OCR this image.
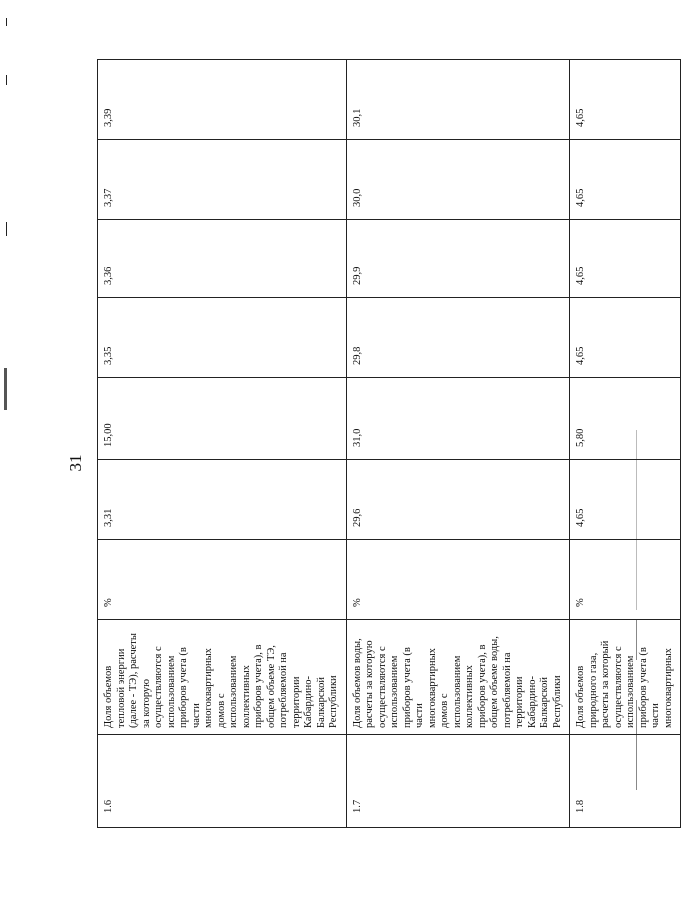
31
1.6	Доля объемов тепловой энергии (далее - ТЭ), расчеты за которую осуществляются с использованием приборов учета (в части многоквартирных домов с использованием коллективных приборов учета), в общем объеме ТЭ, потребляемой на территории Кабардино-Балкарской Республики	%	3,31	15,00	3,35	3,36	3,37	3,39
1.7	Доля объемов воды, расчеты за которую осуществляются с использованием приборов учета (в части многоквартирных домов с использованием коллективных приборов учета), в общем объеме воды, потребляемой на территории Кабардино-Балкарской Республики	%	29,6	31,0	29,8	29,9	30,0	30,1
1.8	Доля объемов природного газа, расчеты за который осуществляются с использованием приборов учета (в части многоквартирных	%	4,65	5,80	4,65	4,65	4,65	4,65
